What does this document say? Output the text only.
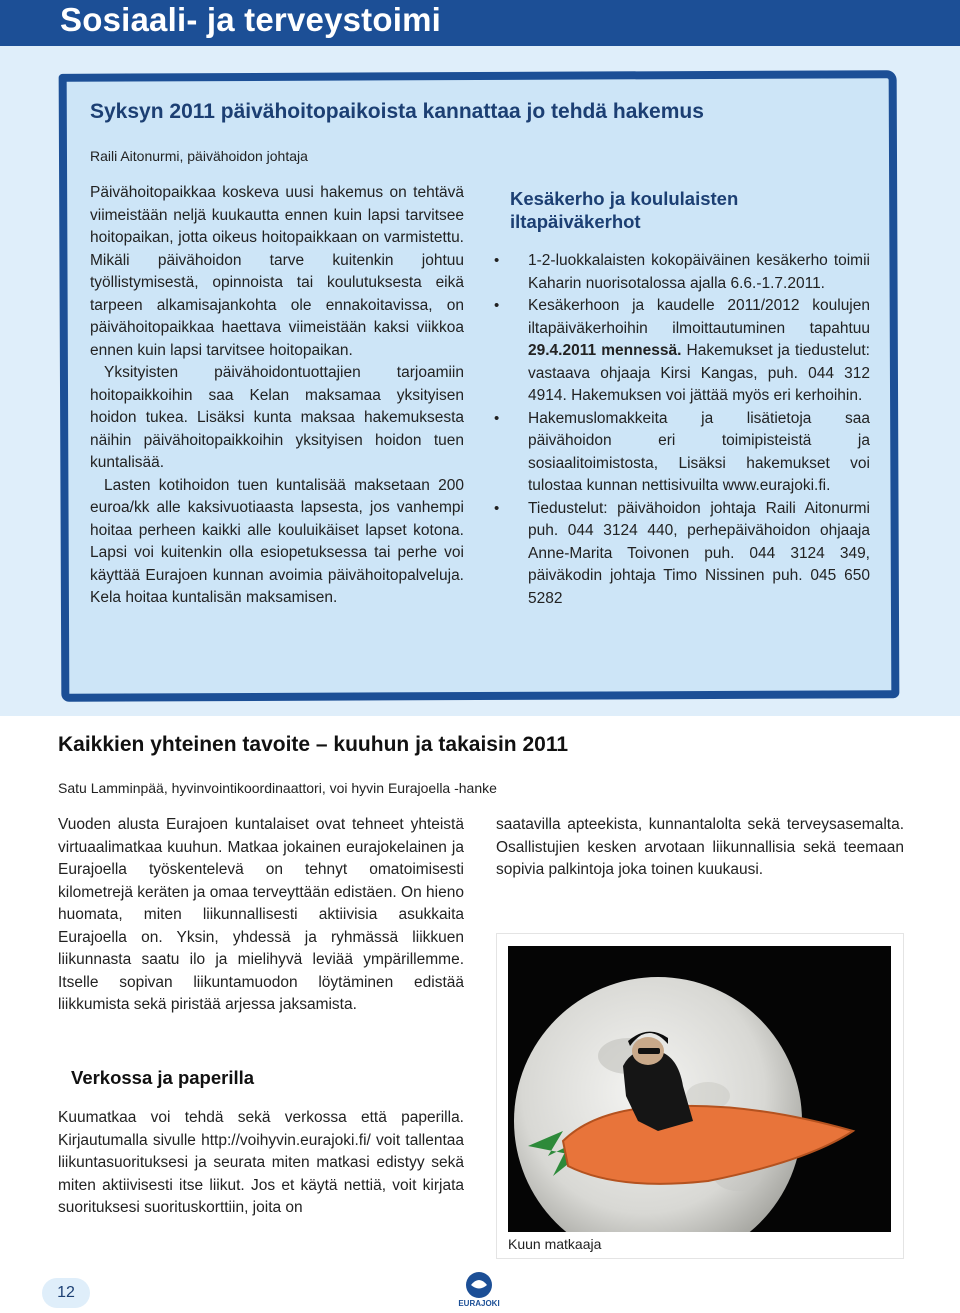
Sosiaali- ja terveystoimi
Syksyn 2011 päivähoitopaikoista kannattaa jo tehdä hakemus
Raili Aitonurmi, päivähoidon johtaja

Päivähoitopaikkaa koskeva uusi hakemus on tehtävä viimeistään neljä kuukautta ennen kuin lapsi tarvitsee hoitopaikan, jotta oikeus hoitopaikkaan on varmistettu. Mikäli päivähoidon tarve kuitenkin johtuu työllistymisestä, opinnoista tai koulutuksesta eikä tarpeen alkamisajankohta ole ennakoitavissa, on päivähoitopaikkaa haettava viimeistään kaksi viikkoa ennen kuin lapsi tarvitsee hoitopaikan.

Yksityisten päivähoidontuottajien tarjoamiin hoitopaikkoihin saa Kelan maksamaa yksityisen hoidon tukea. Lisäksi kunta maksaa hakemuksesta näihin päivähoitopaikkoihin yksityisen hoidon tuen kuntalisää.

Lasten kotihoidon tuen kuntalisää maksetaan 200 euroa/kk alle kaksivuotiaasta lapsesta, jos vanhempi hoitaa perheen kaikki alle kouluikäiset lapset kotona. Lapsi voi kuitenkin olla esiopetuksessa tai perhe voi käyttää Eurajoen kunnan avoimia päivähoitopalveluja. Kela hoitaa kuntalisän maksamisen.

Kesäkerho ja koululaisten iltapäiväkerhot
• 1-2-luokkalaisten kokopäiväinen kesäkerho toimii Kaharin nuorisotalossa ajalla 6.6.-1.7.2011.
• Kesäkerhoon ja kaudelle 2011/2012 koulujen iltapäiväkerhoihin ilmoittautuminen tapahtuu 29.4.2011 mennessä. Hakemukset ja tiedustelut: vastaava ohjaaja Kirsi Kangas, puh. 044 312 4914. Hakemuksen voi jättää myös eri kerhoihin.
• Hakemuslomakkeita ja lisätietoja saa päivähoidon eri toimipisteistä ja sosiaalitoimistosta, Lisäksi hakemukset voi tulostaa kunnan nettisivuilta www.eurajoki.fi.
• Tiedustelut: päivähoidon johtaja Raili Aitonurmi puh. 044 3124 440, perhepäivähoidon ohjaaja Anne-Marita Toivonen puh. 044 3124 349, päiväkodin johtaja Timo Nissinen puh. 045 650 5282
Kaikkien yhteinen tavoite – kuuhun ja takaisin 2011
Satu Lamminpää, hyvinvointikoordinaattori, voi hyvin Eurajoella -hanke

Vuoden alusta Eurajoen kuntalaiset ovat tehneet yhteistä virtuaalimatkaa kuuhun. Matkaa jokainen eurajokelainen ja Eurajoella työskentelevä on tehnyt omatoimisesti kilometrejä keräten ja omaa terveyttään edistäen. On hieno huomata, miten liikunnallisesti aktiivisia asukkaita Eurajoella on. Yksin, yhdessä ja ryhmässä liikkuen liikunnasta saatu ilo ja mielihyvä leviää ympärillemme. Itselle sopivan liikuntamuodon löytäminen edistää liikkumista sekä piristää arjessa jaksamista.

Verkossa ja paperilla

Kuumatkaa voi tehdä sekä verkossa että paperilla. Kirjautumalla sivulle http://voihyvin.eurajoki.fi/ voit tallentaa liikuntasuorituksesi ja seurata miten matkasi edistyy sekä miten aktiivisesti itse liikut. Jos et käytä nettiä, voit kirjata suorituksesi suorituskorttiin, joita on

saatavilla apteekista, kunnantalolta sekä terveysasemalta. Osallistujien kesken arvotaan liikunnallisia sekä teemaan sopivia palkintoja joka toinen kuukausi.

Kuun matkaaja
12
EURAJOKI
